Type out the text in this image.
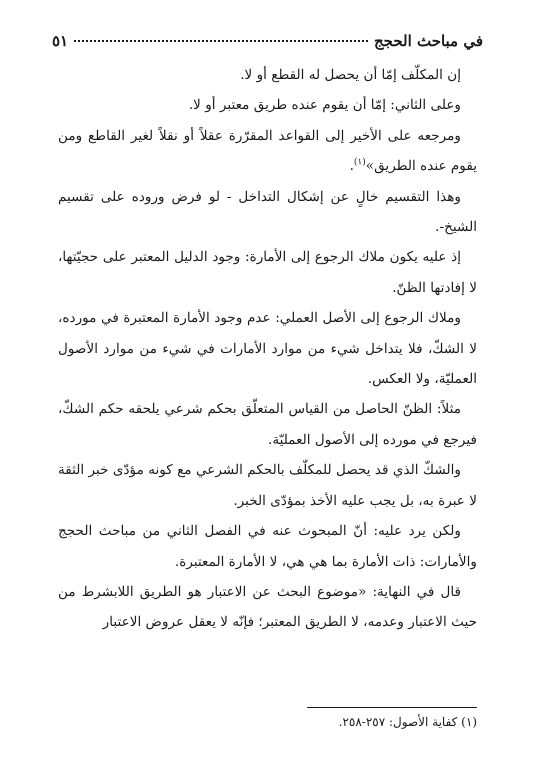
في مباحث الحجج
٥١

إن المكلّف إمّا أن يحصل له القطع أو لا.

وعلى الثاني: إمّا أن يقوم عنده طريق معتبر أو لا.

ومرجعه على الأخير إلى القواعد المقرّرة عقلاً أو نقلاً لغير القاطع ومن يقوم عنده الطريق»$^{(١)}$.

وهذا التقسيم خالٍ عن إشكال التداخل - لو فرض وروده على تقسيم الشيخ-.

إذ عليه يكون ملاك الرجوع إلى الأمارة: وجود الدليل المعتبر على حجيّتها، لا إفادتها الظنّ.

وملاك الرجوع إلى الأصل العملي: عدم وجود الأمارة المعتبرة في مورده، لا الشكّ، فلا يتداخل شيء من موارد الأمارات في شيء من موارد الأصول العمليّة، ولا العكس.

مثلاً: الظنّ الحاصل من القياس المتعلّق بحكم شرعي يلحقه حكم الشكّ، فيرجع في مورده إلى الأصول العمليّة.

والشكّ الذي قد يحصل للمكلّف بالحكم الشرعي مع كونه مؤدّى خبر الثقة لا عبرة به، بل يجب عليه الأخذ بمؤدّى الخبر.

ولكن يرد عليه: أنّ المبحوث عنه في الفصل الثاني من مباحث الحجج والأمارات: ذات الأمارة بما هي هي، لا الأمارة المعتبرة.

قال في النهاية: «موضوع البحث عن الاعتبار هو الطريق اللابشرط من حيث الاعتبار وعدمه، لا الطريق المعتبر؛ فإنّه لا يعقل عروض الاعتبار

(١) كفاية الأصول: ٢٥٧-٢٥٨.
